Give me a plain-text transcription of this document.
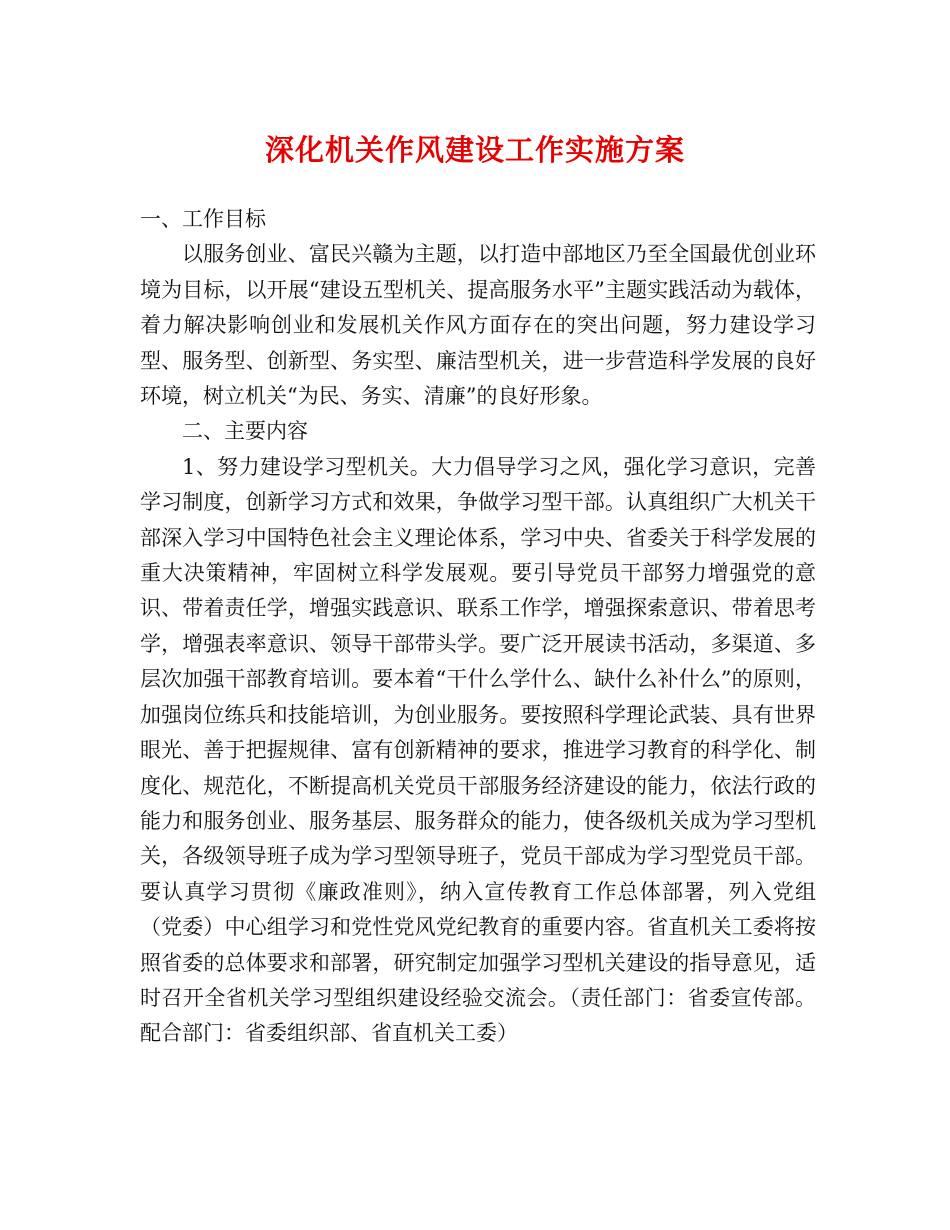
深化机关作风建设工作实施方案

一、工作目标

以服务创业、富民兴赣为主题，以打造中部地区乃至全国最优创业环境为目标，以开展“建设五型机关、提高服务水平”主题实践活动为载体，着力解决影响创业和发展机关作风方面存在的突出问题，努力建设学习型、服务型、创新型、务实型、廉洁型机关，进一步营造科学发展的良好环境，树立机关“为民、务实、清廉”的良好形象。

二、主要内容

1、努力建设学习型机关。大力倡导学习之风，强化学习意识，完善学习制度，创新学习方式和效果，争做学习型干部。认真组织广大机关干部深入学习中国特色社会主义理论体系，学习中央、省委关于科学发展的重大决策精神，牢固树立科学发展观。要引导党员干部努力增强党的意识、带着责任学，增强实践意识、联系工作学，增强探索意识、带着思考学，增强表率意识、领导干部带头学。要广泛开展读书活动，多渠道、多层次加强干部教育培训。要本着“干什么学什么、缺什么补什么”的原则，加强岗位练兵和技能培训，为创业服务。要按照科学理论武装、具有世界眼光、善于把握规律、富有创新精神的要求，推进学习教育的科学化、制度化、规范化，不断提高机关党员干部服务经济建设的能力，依法行政的能力和服务创业、服务基层、服务群众的能力，使各级机关成为学习型机关，各级领导班子成为学习型领导班子，党员干部成为学习型党员干部。要认真学习贯彻《廉政准则》，纳入宣传教育工作总体部署，列入党组（党委）中心组学习和党性党风党纪教育的重要内容。省直机关工委将按照省委的总体要求和部署，研究制定加强学习型机关建设的指导意见，适时召开全省机关学习型组织建设经验交流会。（责任部门：省委宣传部。配合部门：省委组织部、省直机关工委）
